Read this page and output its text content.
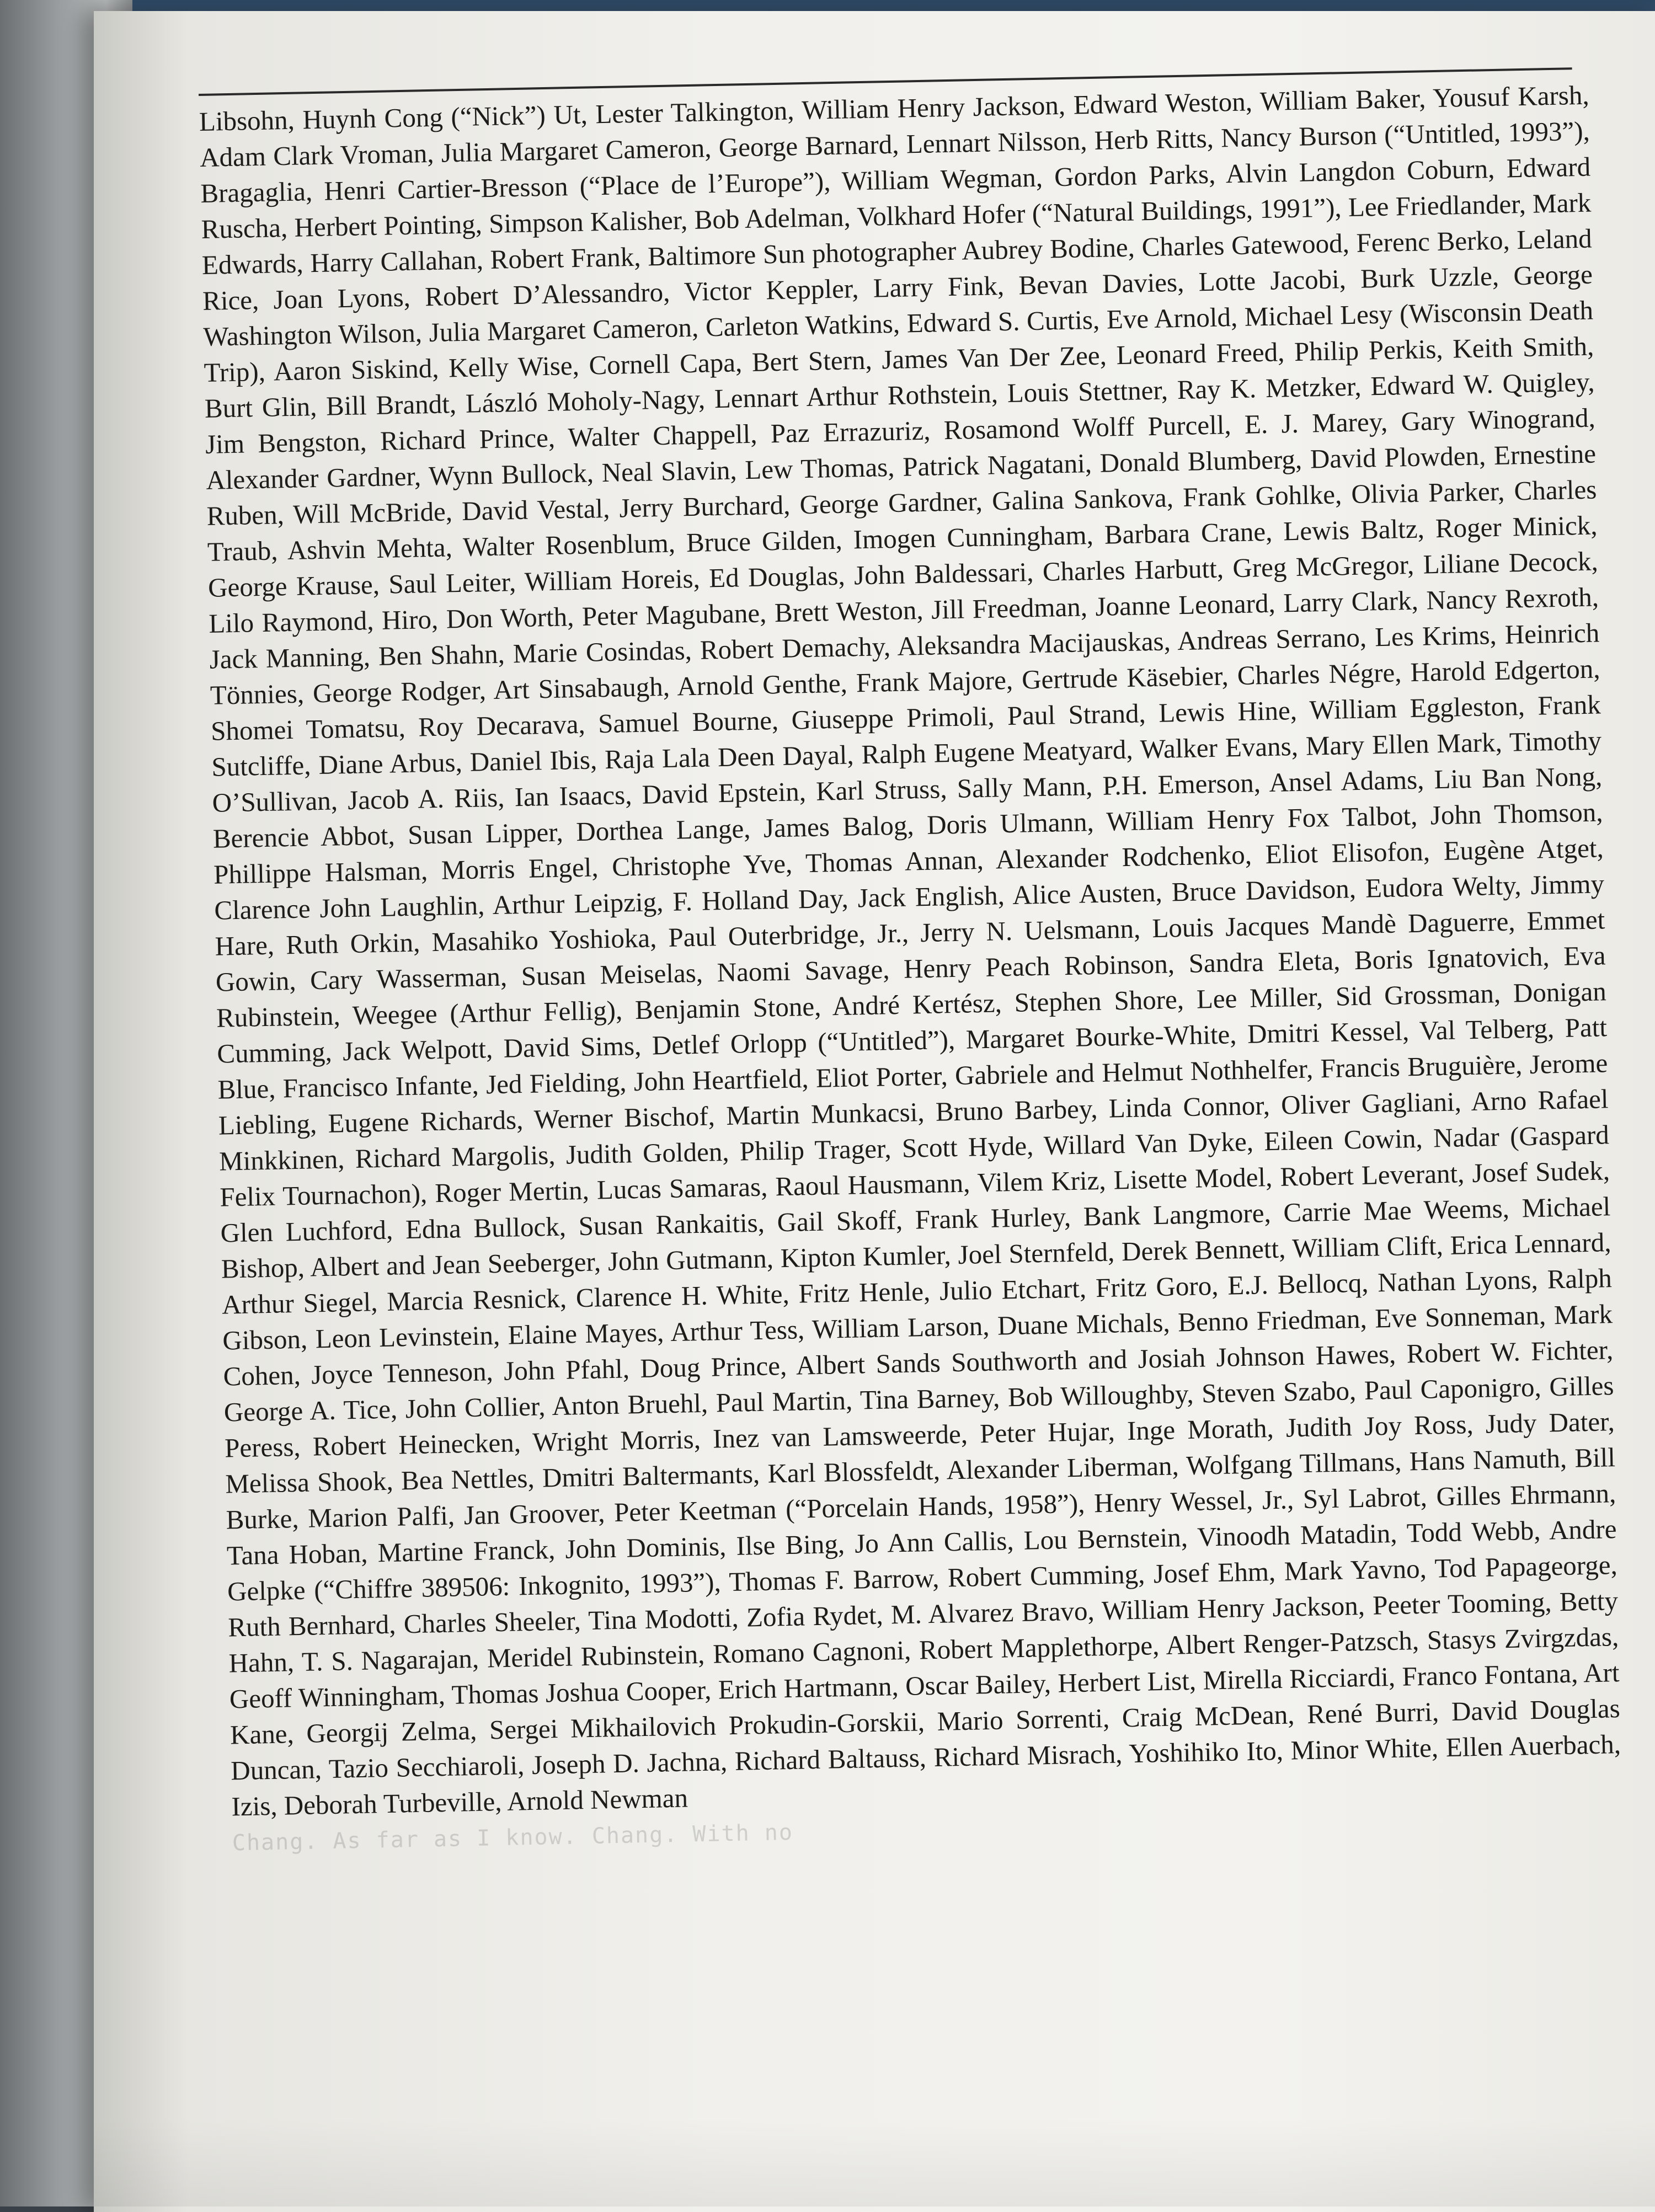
Libsohn, Huynh Cong (“Nick”) Ut, Lester Talkington, William Henry Jackson, Edward Weston, William Baker, Yousuf Karsh, Adam Clark Vroman, Julia Margaret Cameron, George Barnard, Lennart Nilsson, Herb Ritts, Nancy Burson (“Untitled, 1993”), Bragaglia, Henri Cartier-Bresson (“Place de l’Europe”), William Wegman, Gordon Parks, Alvin Langdon Coburn, Edward Ruscha, Herbert Pointing, Simpson Kalisher, Bob Adelman, Volkhard Hofer (“Natural Buildings, 1991”), Lee Friedlander, Mark Edwards, Harry Callahan, Robert Frank, Baltimore Sun photographer Aubrey Bodine, Charles Gatewood, Ferenc Berko, Leland Rice, Joan Lyons, Robert D’Alessandro, Victor Keppler, Larry Fink, Bevan Davies, Lotte Jacobi, Burk Uzzle, George Washington Wilson, Julia Margaret Cameron, Carleton Watkins, Edward S. Curtis, Eve Arnold, Michael Lesy (Wisconsin Death Trip), Aaron Siskind, Kelly Wise, Cornell Capa, Bert Stern, James Van Der Zee, Leonard Freed, Philip Perkis, Keith Smith, Burt Glin, Bill Brandt, László Moholy-Nagy, Lennart Arthur Rothstein, Louis Stettner, Ray K. Metzker, Edward W. Quigley, Jim Bengston, Richard Prince, Walter Chappell, Paz Errazuriz, Rosamond Wolff Purcell, E. J. Marey, Gary Winogrand, Alexander Gardner, Wynn Bullock, Neal Slavin, Lew Thomas, Patrick Nagatani, Donald Blumberg, David Plowden, Ernestine Ruben, Will McBride, David Vestal, Jerry Burchard, George Gardner, Galina Sankova, Frank Gohlke, Olivia Parker, Charles Traub, Ashvin Mehta, Walter Rosenblum, Bruce Gilden, Imogen Cunningham, Barbara Crane, Lewis Baltz, Roger Minick, George Krause, Saul Leiter, William Horeis, Ed Douglas, John Baldessari, Charles Harbutt, Greg McGregor, Liliane Decock, Lilo Raymond, Hiro, Don Worth, Peter Magubane, Brett Weston, Jill Freedman, Joanne Leonard, Larry Clark, Nancy Rexroth, Jack Manning, Ben Shahn, Marie Cosindas, Robert Demachy, Aleksandra Macijauskas, Andreas Serrano, Les Krims, Heinrich Tönnies, George Rodger, Art Sinsabaugh, Arnold Genthe, Frank Majore, Gertrude Käsebier, Charles Négre, Harold Edgerton, Shomei Tomatsu, Roy Decarava, Samuel Bourne, Giuseppe Primoli, Paul Strand, Lewis Hine, William Eggleston, Frank Sutcliffe, Diane Arbus, Daniel Ibis, Raja Lala Deen Dayal, Ralph Eugene Meatyard, Walker Evans, Mary Ellen Mark, Timothy O’Sullivan, Jacob A. Riis, Ian Isaacs, David Epstein, Karl Struss, Sally Mann, P.H. Emerson, Ansel Adams, Liu Ban Nong, Berencie Abbot, Susan Lipper, Dorthea Lange, James Balog, Doris Ulmann, William Henry Fox Talbot, John Thomson, Phillippe Halsman, Morris Engel, Christophe Yve, Thomas Annan, Alexander Rodchenko, Eliot Elisofon, Eugène Atget, Clarence John Laughlin, Arthur Leipzig, F. Holland Day, Jack English, Alice Austen, Bruce Davidson, Eudora Welty, Jimmy Hare, Ruth Orkin, Masahiko Yoshioka, Paul Outerbridge, Jr., Jerry N. Uelsmann, Louis Jacques Mandè Daguerre, Emmet Gowin, Cary Wasserman, Susan Meiselas, Naomi Savage, Henry Peach Robinson, Sandra Eleta, Boris Ignatovich, Eva Rubinstein, Weegee (Arthur Fellig), Benjamin Stone, André Kertész, Stephen Shore, Lee Miller, Sid Grossman, Donigan Cumming, Jack Welpott, David Sims, Detlef Orlopp (“Untitled”), Margaret Bourke-White, Dmitri Kessel, Val Telberg, Patt Blue, Francisco Infante, Jed Fielding, John Heartfield, Eliot Porter, Gabriele and Helmut Nothhelfer, Francis Bruguière, Jerome Liebling, Eugene Richards, Werner Bischof, Martin Munkacsi, Bruno Barbey, Linda Connor, Oliver Gagliani, Arno Rafael Minkkinen, Richard Margolis, Judith Golden, Philip Trager, Scott Hyde, Willard Van Dyke, Eileen Cowin, Nadar (Gaspard Felix Tournachon), Roger Mertin, Lucas Samaras, Raoul Hausmann, Vilem Kriz, Lisette Model, Robert Leverant, Josef Sudek, Glen Luchford, Edna Bullock, Susan Rankaitis, Gail Skoff, Frank Hurley, Bank Langmore, Carrie Mae Weems, Michael Bishop, Albert and Jean Seeberger, John Gutmann, Kipton Kumler, Joel Sternfeld, Derek Bennett, William Clift, Erica Lennard, Arthur Siegel, Marcia Resnick, Clarence H. White, Fritz Henle, Julio Etchart, Fritz Goro, E.J. Bellocq, Nathan Lyons, Ralph Gibson, Leon Levinstein, Elaine Mayes, Arthur Tess, William Larson, Duane Michals, Benno Friedman, Eve Sonneman, Mark Cohen, Joyce Tenneson, John Pfahl, Doug Prince, Albert Sands Southworth and Josiah Johnson Hawes, Robert W. Fichter, George A. Tice, John Collier, Anton Bruehl, Paul Martin, Tina Barney, Bob Willoughby, Steven Szabo, Paul Caponigro, Gilles Peress, Robert Heinecken, Wright Morris, Inez van Lamsweerde, Peter Hujar, Inge Morath, Judith Joy Ross, Judy Dater, Melissa Shook, Bea Nettles, Dmitri Baltermants, Karl Blossfeldt, Alexander Liberman, Wolfgang Tillmans, Hans Namuth, Bill Burke, Marion Palfi, Jan Groover, Peter Keetman (“Porcelain Hands, 1958”), Henry Wessel, Jr., Syl Labrot, Gilles Ehrmann, Tana Hoban, Martine Franck, John Dominis, Ilse Bing, Jo Ann Callis, Lou Bernstein, Vinoodh Matadin, Todd Webb, Andre Gelpke (“Chiffre 389506: Inkognito, 1993”), Thomas F. Barrow, Robert Cumming, Josef Ehm, Mark Yavno, Tod Papageorge, Ruth Bernhard, Charles Sheeler, Tina Modotti, Zofia Rydet, M. Alvarez Bravo, William Henry Jackson, Peeter Tooming, Betty Hahn, T. S. Nagarajan, Meridel Rubinstein, Romano Cagnoni, Robert Mapplethorpe, Albert Renger-Patzsch, Stasys Zvirgzdas, Geoff Winningham, Thomas Joshua Cooper, Erich Hartmann, Oscar Bailey, Herbert List, Mirella Ricciardi, Franco Fontana, Art Kane, Georgij Zelma, Sergei Mikhailovich Prokudin-Gorskii, Mario Sorrenti, Craig McDean, René Burri, David Douglas Duncan, Tazio Secchiaroli, Joseph D. Jachna, Richard Baltauss, Richard Misrach, Yoshihiko Ito, Minor White, Ellen Auerbach, Izis, Deborah Turbeville, Arnold Newman

Chang. As far as I know. Chang. With no
